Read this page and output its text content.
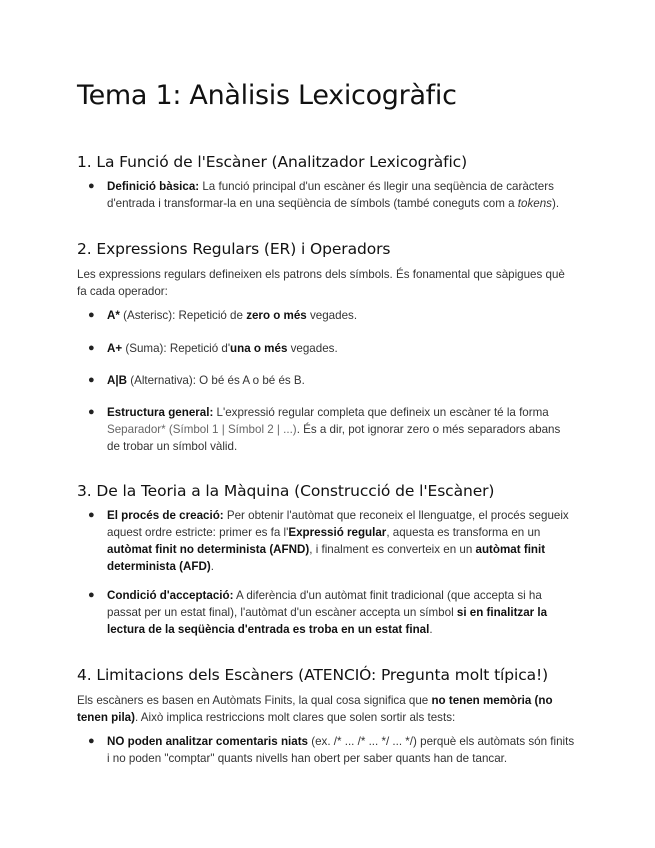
Tema 1: Anàlisis Lexicogràfic
1. La Funció de l'Escàner (Analitzador Lexicogràfic)
● Definició bàsica: La funció principal d'un escàner és llegir una seqüència de caràcters d'entrada i transformar-la en una seqüència de símbols (també coneguts com a tokens).

2. Expressions Regulars (ER) i Operadors

Les expressions regulars defineixen els patrons dels símbols. És fonamental que sàpigues què fa cada operador:

● A* (Asterisc): Repetició de zero o més vegades.

● A+ (Suma): Repetició d'una o més vegades.

● A|B (Alternativa): O bé és A o bé és B.

● Estructura general: L'expressió regular completa que defineix un escàner té la forma Separador* (Símbol 1 | Símbol 2 | ...). És a dir, pot ignorar zero o més separadors abans de trobar un símbol vàlid.

3. De la Teoria a la Màquina (Construcció de l'Escàner)
● El procés de creació: Per obtenir l'autòmat que reconeix el llenguatge, el procés segueix aquest ordre estricte: primer es fa l'Expressió regular, aquesta es transforma en un autòmat finit no determinista (AFND), i finalment es converteix en un autòmat finit determinista (AFD).

● Condició d'acceptació: A diferència d'un autòmat finit tradicional (que accepta si ha passat per un estat final), l'autòmat d'un escàner accepta un símbol si en finalitzar la lectura de la seqüència d'entrada es troba en un estat final.

4. Limitacions dels Escàners (ATENCIÓ: Pregunta molt típica!)

Els escàners es basen en Autòmats Finits, la qual cosa significa que no tenen memòria (no tenen pila). Això implica restriccions molt clares que solen sortir als tests:

● NO poden analitzar comentaris niats (ex. /* ... /* ... */ ... */) perquè els autòmats són finits i no poden "comptar" quants nivells han obert per saber quants han de tancar.
